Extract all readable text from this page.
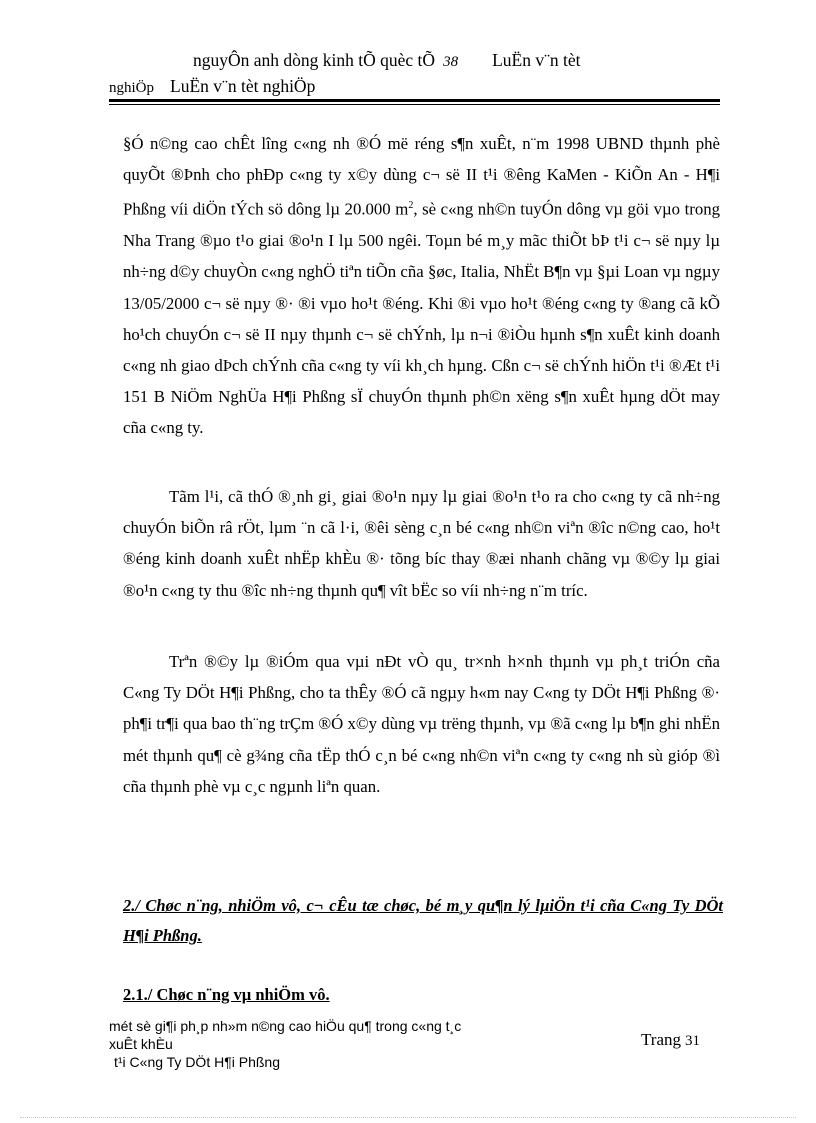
nguyÔn anh dòng kinh tÕ quèc tÕ 38 LuËn v¨n tèt
nghiÖp LuËn v¨n tèt nghiÖp

§Ó n©ng cao chÊt lîng c«ng nh ®Ó më réng s¶n xuÊt, n¨m 1998 UBND thµnh phè quyÕt ®Þnh cho phÐp c«ng ty x©y dùng c¬ së II t¹i ®êng KaMen - KiÕn An - H¶i Phßng víi diÖn tÝch sö dông lµ 20.000 $m^2$, sè c«ng nh©n tuyÓn dông vµ göi vµo trong Nha Trang ®µo t¹o giai ®o¹n I lµ 500 ngêi. Toµn bé m¸y mãc thiÕt bÞ t¹i c¬ së nµy lµ nh÷ng d©y chuyÒn c«ng nghÖ tiªn tiÕn cña §øc, Italia, NhËt B¶n vµ §µi Loan vµ ngµy 13/05/2000 c¬ së nµy ®· ®i vµo ho¹t ®éng. Khi ®i vµo ho¹t ®éng c«ng ty ®ang cã kÕ ho¹ch chuyÓn c¬ së II nµy thµnh c¬ së chÝnh, lµ n¬i ®iÒu hµnh s¶n xuÊt kinh doanh c«ng nh giao dÞch chÝnh cña c«ng ty víi kh¸ch hµng. Cßn c¬ së chÝnh hiÖn t¹i ®Æt t¹i 151 B NiÖm NghÜa H¶i Phßng sÏ chuyÓn thµnh ph©n xëng s¶n xuÊt hµng dÖt may cña c«ng ty.

Tãm l¹i, cã thÓ ®¸nh gi¸ giai ®o¹n nµy lµ giai ®o¹n t¹o ra cho c«ng ty cã nh÷ng chuyÓn biÕn râ rÖt, lµm ¨n cã l·i, ®êi sèng c¸n bé c«ng nh©n viªn ®îc n©ng cao, ho¹t ®éng kinh doanh xuÊt nhËp khÈu ®· tõng bíc thay ®æi nhanh chãng vµ ®©y lµ giai ®o¹n c«ng ty thu ®îc nh÷ng thµnh qu¶ vît bËc so víi nh÷ng n¨m tríc.

Trªn ®©y lµ ®iÓm qua vµi nÐt vÒ qu¸ tr×nh h×nh thµnh vµ ph¸t triÓn cña C«ng Ty DÖt H¶i Phßng, cho ta thÊy ®Ó cã ngµy h«m nay C«ng ty DÖt H¶i Phßng ®· ph¶i tr¶i qua bao th¨ng trÇm ®Ó x©y dùng vµ trëng thµnh, vµ ®ã c«ng lµ b¶n ghi nhËn mét thµnh qu¶ cè g¾ng cña tËp thÓ c¸n bé c«ng nh©n viªn c«ng ty c«ng nh sù gióp ®ì cña thµnh phè vµ c¸c ngµnh liªn quan.

2./ Chøc n¨ng, nhiÖm vô, c¬ cÊu tæ chøc, bé m¸y qu¶n lý lµiÖn t¹i cña C«ng Ty DÖt H¶i Phßng.

2.1./ Chøc n¨ng vµ nhiÖm vô.

mét sè gi¶i ph¸p nh»m n©ng cao hiÖu qu¶ trong c«ng t¸c
xuÊt khÈu
t¹i C«ng Ty DÖt H¶i Phßng
Trang 31
